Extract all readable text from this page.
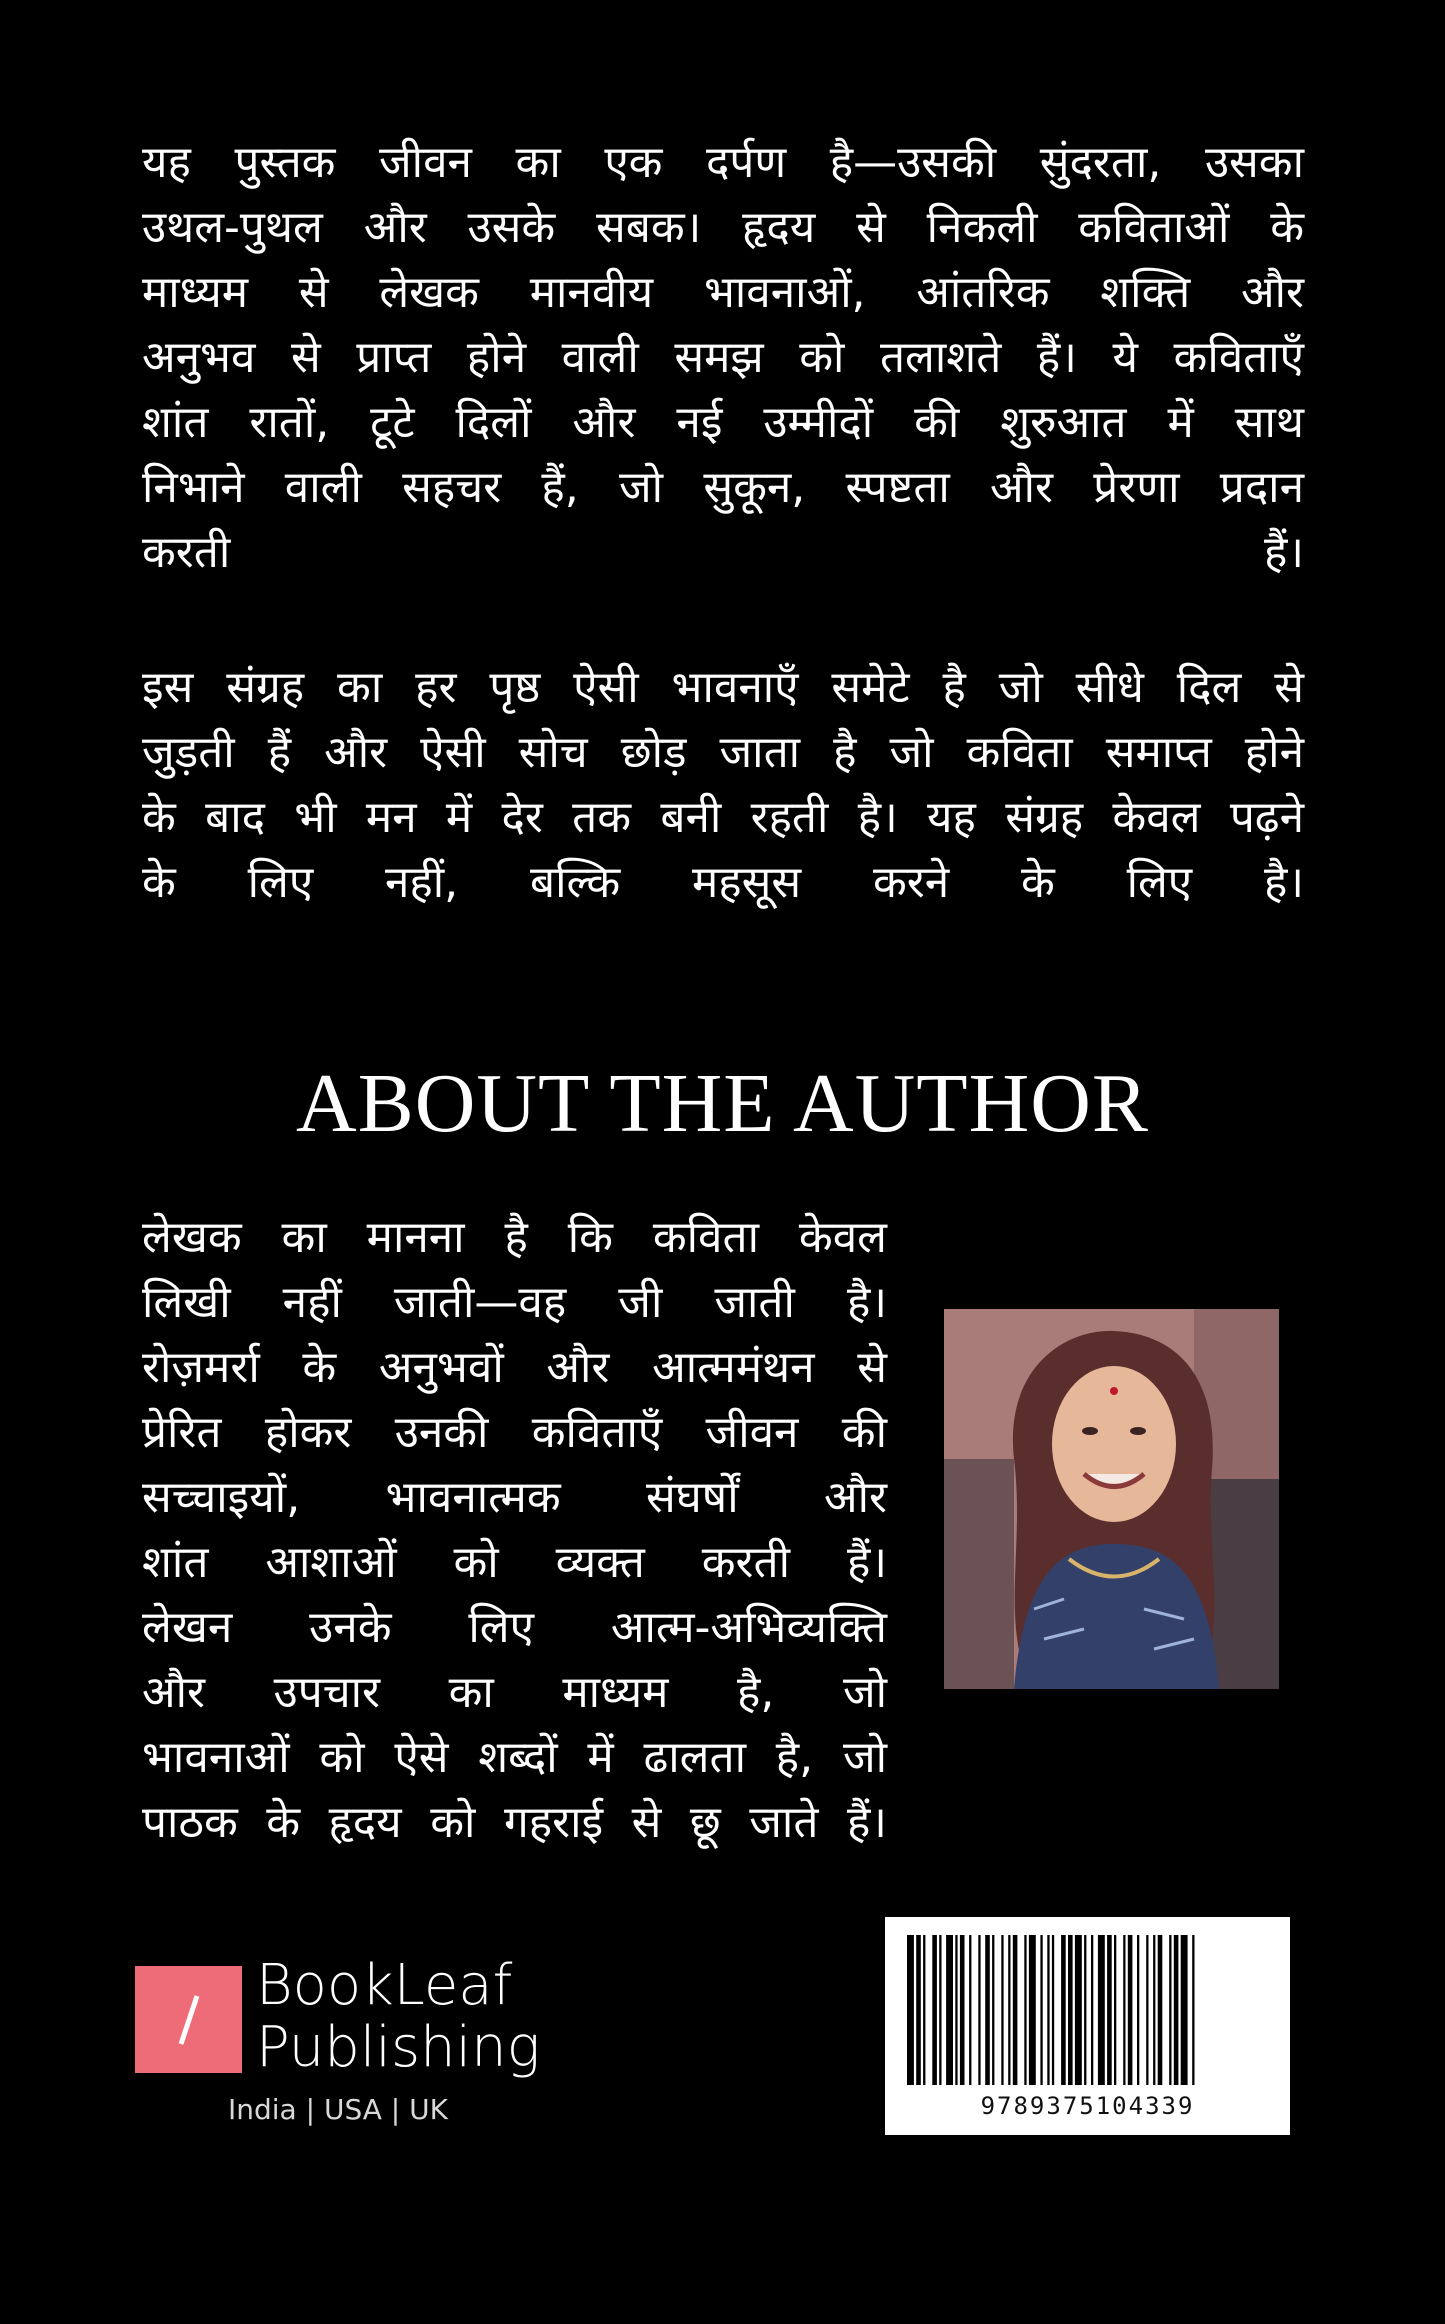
यह पुस्तक जीवन का एक दर्पण है—उसकी सुंदरता, उसका
उथल-पुथल और उसके सबक। हृदय से निकली कविताओं के
माध्यम से लेखक मानवीय भावनाओं, आंतरिक शक्ति और
अनुभव से प्राप्त होने वाली समझ को तलाशते हैं। ये कविताएँ
शांत रातों, टूटे दिलों और नई उम्मीदों की शुरुआत में साथ
निभाने वाली सहचर हैं, जो सुकून, स्पष्टता और प्रेरणा प्रदान
करती हैं।
इस संग्रह का हर पृष्ठ ऐसी भावनाएँ समेटे है जो सीधे दिल से
जुड़ती हैं और ऐसी सोच छोड़ जाता है जो कविता समाप्त होने
के बाद भी मन में देर तक बनी रहती है। यह संग्रह केवल पढ़ने
के लिए नहीं, बल्कि महसूस करने के लिए है।
ABOUT THE AUTHOR
लेखक का मानना है कि कविता केवल
लिखी नहीं जाती—वह जी जाती है।
रोज़मर्रा के अनुभवों और आत्ममंथन से
प्रेरित होकर उनकी कविताएँ जीवन की
सच्चाइयों, भावनात्मक संघर्षों और
शांत आशाओं को व्यक्त करती हैं।
लेखन उनके लिए आत्म-अभिव्यक्ति
और उपचार का माध्यम है, जो
भावनाओं को ऐसे शब्दों में ढालता है, जो
पाठक के हृदय को गहराई से छू जाते हैं।
BookLeaf
Publishing
India | USA | UK	9789375104339
